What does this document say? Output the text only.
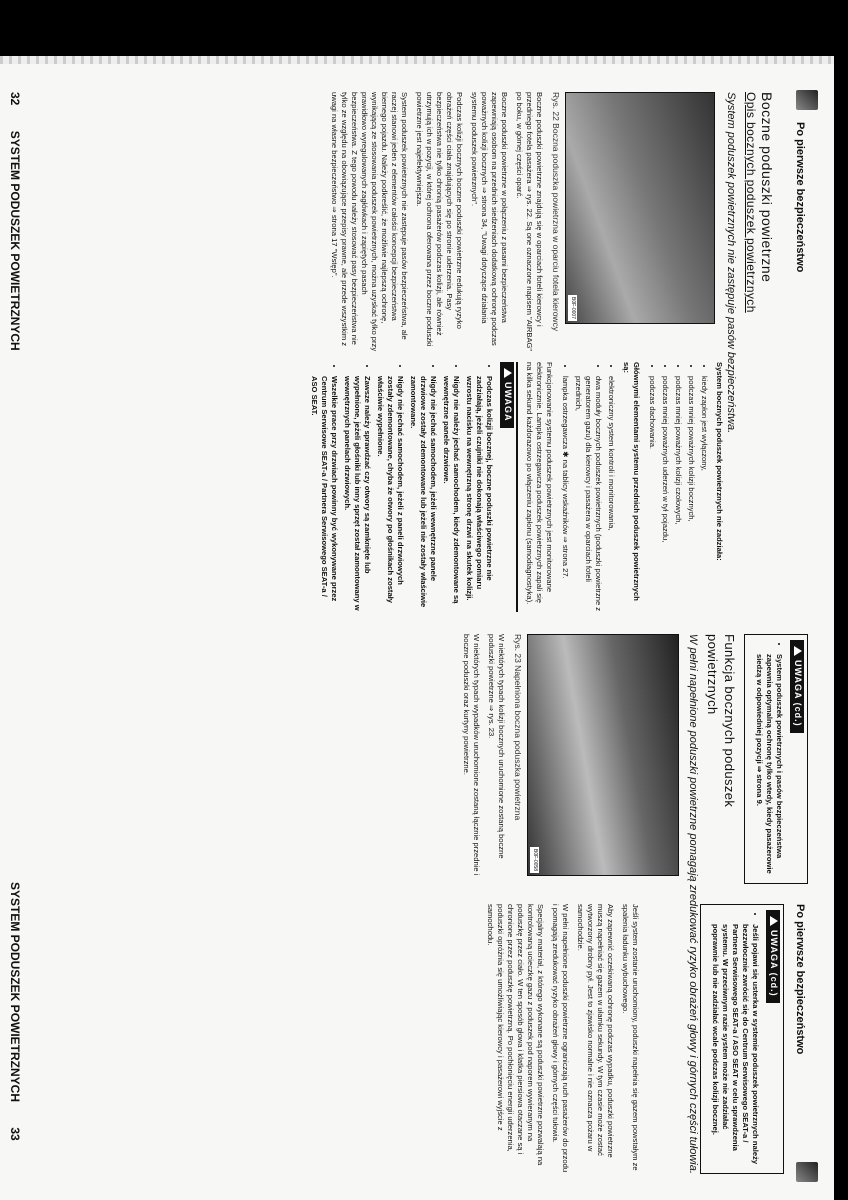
Po pierwsze bezpieczeństwo
Boczne poduszki powietrzne
Opis bocznych poduszek powietrznych
System poduszek powietrznych nie zastępuje pasów bezpieczeństwa.
B0F-0007
Rys. 22 Boczna poduszka powietrzna w oparciu fotela kierowcy

Boczne poduszki powietrzne znajdują się w oparciach foteli kierowcy i przedniego fotela pasażera ⇒ rys. 22. Są one oznaczone napisem "AIRBAG" po boku, w górnej części oparć.

Boczne poduszki powietrzne w połączeniu z pasami bezpieczeństwa zapewniają osobom na przednich siedzeniach dodatkową ochronę podczas poważnych kolizji bocznych ⇒ strona 34, "Uwagi dotyczące działania systemu poduszek powietrznych".

Podczas kolizji bocznych boczne poduszki powietrzne redukują ryzyko obrażeń części ciała znajdujących się po stronie uderzenia. Pasy bezpieczeństwa nie tylko chronią pasażerów podczas kolizji, ale również utrzymują ich w pozycji, w której ochrona oferowana przez boczne poduszki powietrzne jest najefektywniejsza.

System poduszek powietrznych nie zastępuje pasów bezpieczeństwa, ale raczej stanowi jeden z elementów całości koncepcji bezpieczeństwa biernego pojazdu. Należy podkreślić, że możliwie najlepszą ochronę, wynikającą ze stosowania poduszek powietrznych, można uzyskać tylko przy prawidłowo wyregulowanych zagłówkach i zapiętych pasach bezpieczeństwa. Z tego powodu należy stosować pasy bezpieczeństwa nie tylko ze względu na obowiązujące przepisy prawne, ale przede wszystkim z uwagi na własne bezpieczeństwo ⇒ strona 17 "Wstęp".

System bocznych poduszek powietrznych nie zadziała:

• kiedy zapłon jest wyłączony,
• podczas mniej poważnych kolizji bocznych,
• podczas mniej poważnych kolizji czołowych,
• podczas mniej poważnych uderzeń w tył pojazdu,
• podczas dachowania.

Głównymi elementami systemu przednich poduszek powietrznych są:

• elektroniczny system kontroli i monitorowania,
• dwa moduły bocznych poduszek powietrznych (poduszki powietrzne z generatorem gazu) dla kierowcy i pasażera w oparciach foteli przednich,
• lampka ostrzegawcza ✱ na tablicy wskaźników ⇒ strona 27.

Funkcjonowanie systemu poduszek powietrznych jest monitorowane elektronicznie. Lampka ostrzegawcza poduszek powietrznych zapali się na kilka sekund każdorazowo po włączeniu zapłonu (samodiagnostyka).

UWAGA
• Podczas kolizji bocznej, boczne poduszki powietrzne nie zadziałają, jeżeli czujniki nie dokonają właściwego pomiaru wzrostu nacisku na wewnętrzną stronę drzwi na skutek kolizji.
• Nigdy nie należy jechać samochodem, kiedy zdemontowane są wewnętrzne panele drzwiowe.
• Nigdy nie jechać samochodem, jeżeli wewnętrzne panele drzwiowe zostały zdemontowane lub jeżeli nie zostały właściwie zamontowane.
• Nigdy nie jechać samochodem, jeżeli z paneli drzwiowych zostały zdemontowane, chyba że otwory po głośnikach zostały właściwie wypełnione.
• Zawsze należy sprawdzać czy otwory są zamknięte lub wypełnione, jeżeli głośniki lub inny sprzęt został zamontowany w wewnętrznych panelach drzwiowych.
• Wszelkie prace przy drzwiach powinny być wykonywane przez Centrum Serwisowe SEAT-a / Partnera Serwisowego SEAT-a / ASO SEAT.
32 SYSTEM PODUSZEK POWIETRZNYCH
UWAGA (cd.)
• System poduszek powietrznych i pasów bezpieczeństwa zapewnia optymalną ochronę tylko wtedy, kiedy pasażerowie siedzą w odpowiedniej pozycji ⇒ strona 9.
Funkcja bocznych poduszek powietrznych
W pełni napełnione poduszki powietrzne pomagają zredukować ryzyko obrażeń głowy i górnych części tułowia.
B0F-0058
Rys. 23 Napełniona boczna poduszka powietrzna

W niektórych typach kolizji bocznych uruchomione zostaną boczne poduszki powietrzne ⇒ rys. 23.

W niektórych typach wypadków uruchomione zostaną łącznie przednie i boczne poduszki oraz kurtyny powietrzne.

Po pierwsze bezpieczeństwo
UWAGA (cd.)
• Jeśli pojawi się usterka w systemie poduszek powietrznych należy bezzwłocznie zwrócić się do Centrum Serwisowego SEAT-a / Partnera Serwisowego SEAT-a / ASO SEAT w celu sprawdzenia systemu. W przeciwnym razie system może nie zadziałać poprawnie lub nie zadziałać wcale podczas kolizji bocznej.

Jeśli system zostanie uruchomiony, poduszki napełnia się gazem powstałym ze spalenia ładunku wybuchowego.

Aby zapewnić oczekiwaną ochronę podczas wypadku, poduszki powietrzne muszą napełniać się gazem w ułamku sekundy. W tym czasie może zostać wytworzony drobny pył. Jest to zjawisko normalne i nie oznacza pożaru w samochodzie.

W pełni napełnione poduszki powietrzne ograniczają ruch pasażerów do przodu i pomagają zredukować ryzyko obrażeń głowy i górnych części tułowia.

Specjalny materiał, z którego wykonane są poduszki powietrzne pozwalają na kontrolowaną ucieczkę gazu z poduszek pod naporem wywieranym na poduszkę przez ciało. W ten sposób głowa i klatka piersiowa otaczane są i chronione przez poduszkę powietrzną. Po pochłonięciu energii uderzenia, poduszki opróżnia się umożliwiając kierowcy i pasażerowi wyjście z samochodu.

SYSTEM PODUSZEK POWIETRZNYCH 33
